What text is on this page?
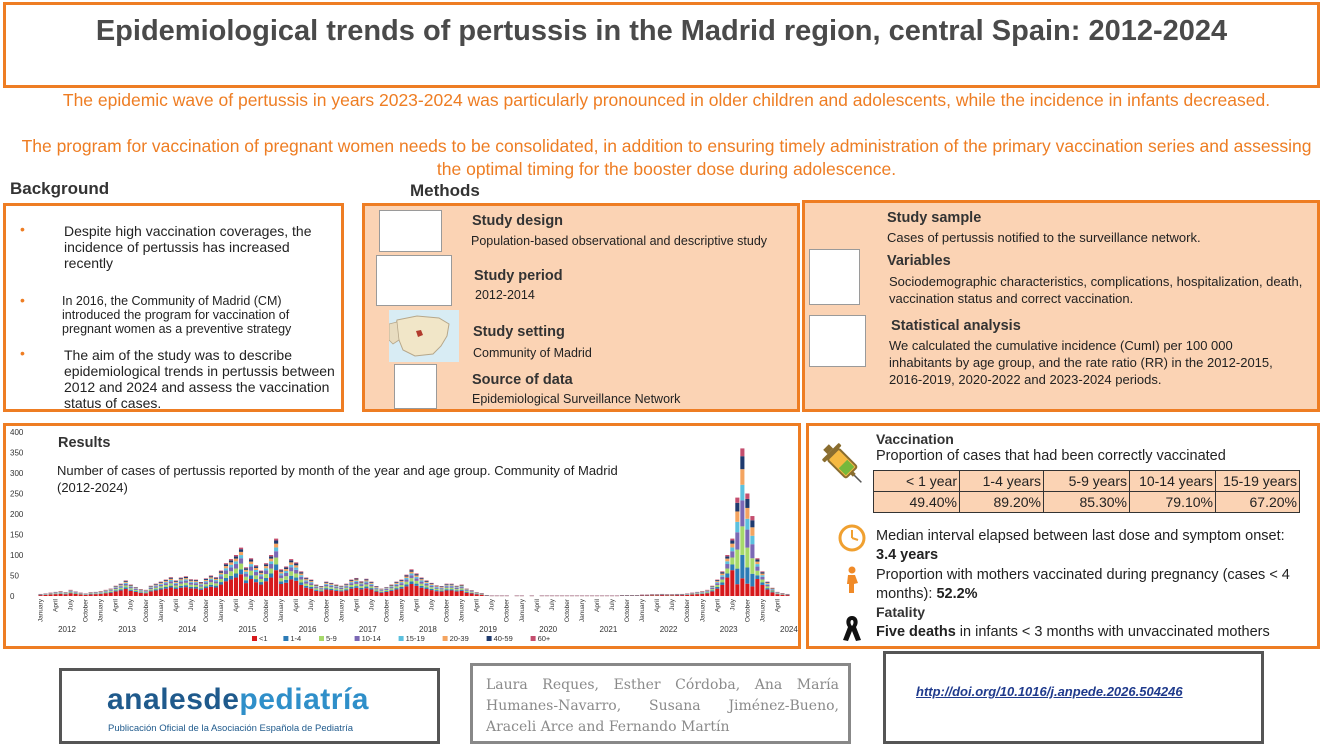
Epidemiological trends of pertussis in the Madrid region, central Spain: 2012-2024
The epidemic wave of pertussis in years 2023-2024 was particularly pronounced in older children and adolescents, while the incidence in infants decreased.
The program for vaccination of pregnant women needs to be consolidated, in addition to ensuring timely administration of the primary vaccination series and assessing the optimal timing for the booster dose during adolescence.
Background	Methods
•	Despite high vaccination coverages, the incidence of pertussis has increased recently
•	In 2016, the Community of Madrid (CM) introduced the program for vaccination of pregnant women as a preventive strategy
•	The aim of the study was to describe epidemiological trends in pertussis between 2012 and 2024 and assess the vaccination status of cases.
Study design
Population-based observational and descriptive study
Study period
2012-2014
Study setting
Community of Madrid
Source of data
Epidemiological Surveillance Network
Study sample
Cases of pertussis notified to the surveillance network.
Variables
Sociodemographic characteristics, complications, hospitalization, death, vaccination status and correct vaccination.
Statistical analysis
We calculated the cumulative incidence (CumI) per 100 000 inhabitants by age group, and the rate ratio (RR) in the 2012-2015, 2016-2019, 2020-2022 and 2023-2024 periods.
Results
Number of cases of pertussis reported by month of the year and age group. Community of Madrid (2012-2024)
0
50
100
150
200
250
300
350
400
January April July October January April July October January April July October January April July October January April July October January April July October January April July October January April July October January April July October January April July October January April July October January April July October January April
2012	2013	2014	2015	2016	2017	2018	2019	2020	2021	2022	2023	2024
<1	1-4	5-9	10-14	15-19	20-39	40-59	60+
Vaccination
Proportion of cases that had been correctly vaccinated
< 1 year	1-4 years	5-9 years	10-14 years	15-19 years
49.40%	89.20%	85.30%	79.10%	67.20%
Median interval elapsed between last dose and symptom onset: 3.4 years
Proportion with mothers vaccinated during pregnancy (cases < 4 months): 52.2%
Fatality
Five deaths in infants < 3 months with unvaccinated mothers
analesdepediatría
Publicación Oficial de la Asociación Española de Pediatría
Laura Reques, Esther Córdoba, Ana María Humanes-Navarro, Susana Jiménez-Bueno, Araceli Arce and Fernando Martín
http://doi.org/10.1016/j.anpede.2026.504246
